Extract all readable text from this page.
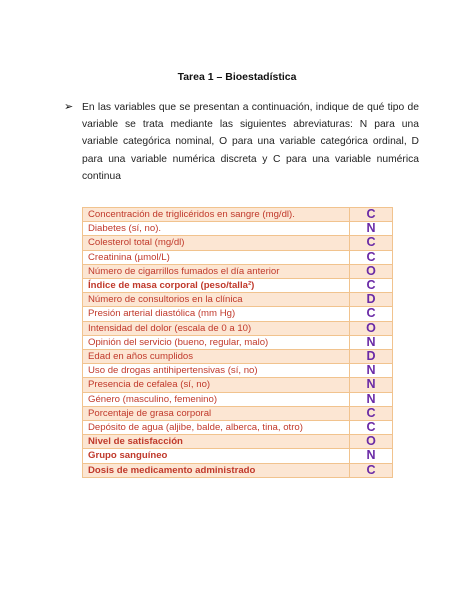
Tarea 1 – Bioestadística
➢ En las variables que se presentan a continuación, indique de qué tipo de variable se trata mediante las siguientes abreviaturas: N para una variable categórica nominal, O para una variable categórica ordinal, D para una variable numérica discreta y C para una variable numérica continua
Concentración de triglicéridos en sangre (mg/dl).	C
Diabetes (sí, no).	N
Colesterol total (mg/dl)	C
Creatinina (µmol/L)	C
Número de cigarrillos fumados el día anterior	O
Índice de masa corporal (peso/talla²)	C
Número de consultorios en la clínica	D
Presión arterial diastólica (mm Hg)	C
Intensidad del dolor (escala de 0 a 10)	O
Opinión del servicio (bueno, regular, malo)	N
Edad en años cumplidos	D
Uso de drogas antihipertensivas (sí, no)	N
Presencia de cefalea (sí, no)	N
Género (masculino, femenino)	N
Porcentaje de grasa corporal	C
Depósito de agua (aljibe, balde, alberca, tina, otro)	C
Nivel de satisfacción	O
Grupo sanguíneo	N
Dosis de medicamento administrado	C
